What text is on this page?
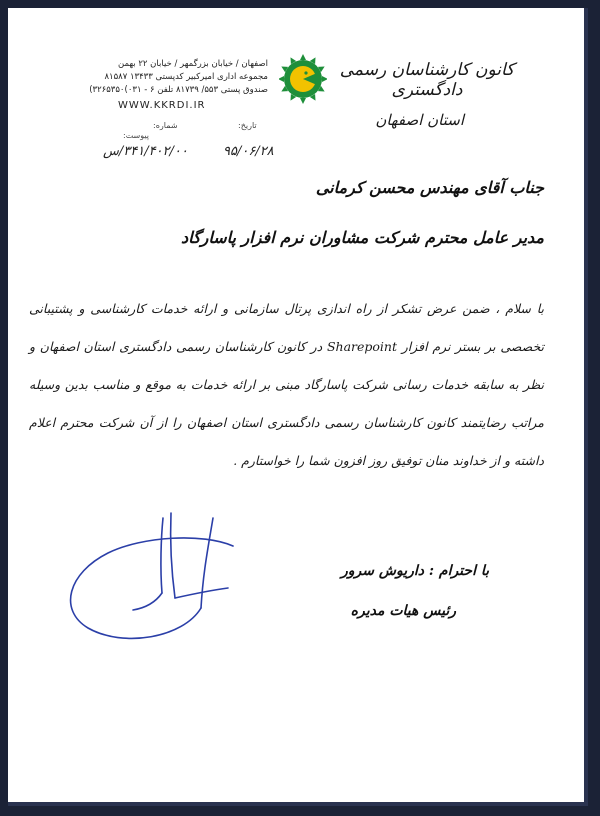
کانون کارشناسان رسمی دادگستری
استان اصفهان
اصفهان / خیابان بزرگمهر / خیابان ۲۲ بهمن
مجموعه اداری امیرکبیر کدپستی ۱۳۴۳۳ ۸۱۵۸۷
صندوق پستی ۵۵۳/ ۸۱۷۳۹ تلفن ۶ - ۰۳۱)۳۲۶۵۳۵۰)
WWW.KKRDI.IR
تاریخ:
شماره:
پیوست:
۹۵/۰۶/۲۸
۳۴۱/۴۰۲/۰۰/س
جناب آقای مهندس محسن کرمانی
مدیر عامل محترم شرکت مشاوران نرم افزار پاسارگاد
با سلام ، ضمن عرض تشکر از راه اندازی پرتال سازمانی و ارائه خدمات کارشناسی و پشتیبانی تخصصی بر بستر نرم افزار Sharepoint در کانون کارشناسان رسمی دادگستری استان اصفهان و نظر به سابقه خدمات رسانی شرکت پاسارگاد مبنی بر ارائه خدمات به موقع و مناسب بدین وسیله مراتب رضایتمند کانون کارشناسان رسمی دادگستری استان اصفهان را از آن شرکت محترم اعلام داشته و از خداوند منان توفیق روز افزون شما را خواستارم .
با احترام : داریوش سرور
رئیس هیات مدیره
